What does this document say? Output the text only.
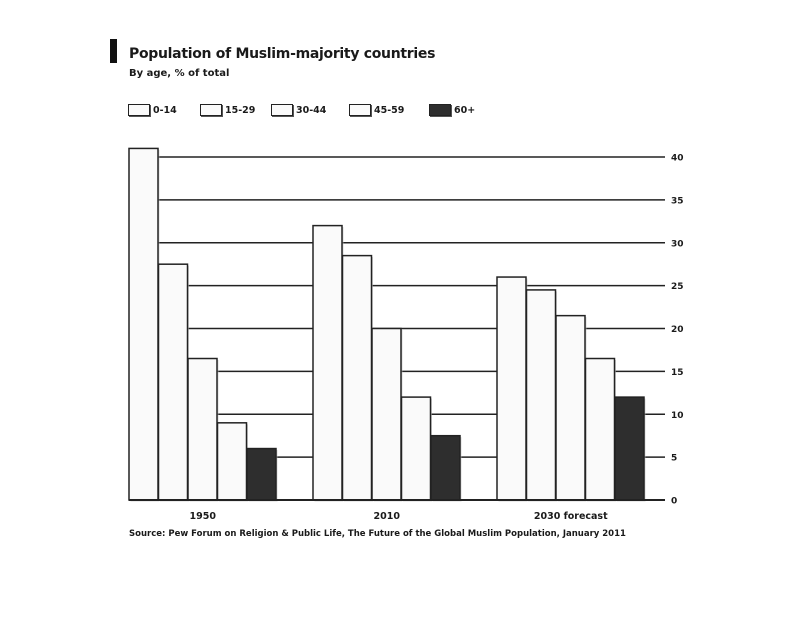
Population of Muslim-majority countries
By age, % of total
0-14	15-29	30-44	45-59	60+
0
5
10
15
20
25
30
35
40
1950	2010	2030 forecast
Source: Pew Forum on Religion & Public Life, The Future of the Global Muslim Population, January 2011
